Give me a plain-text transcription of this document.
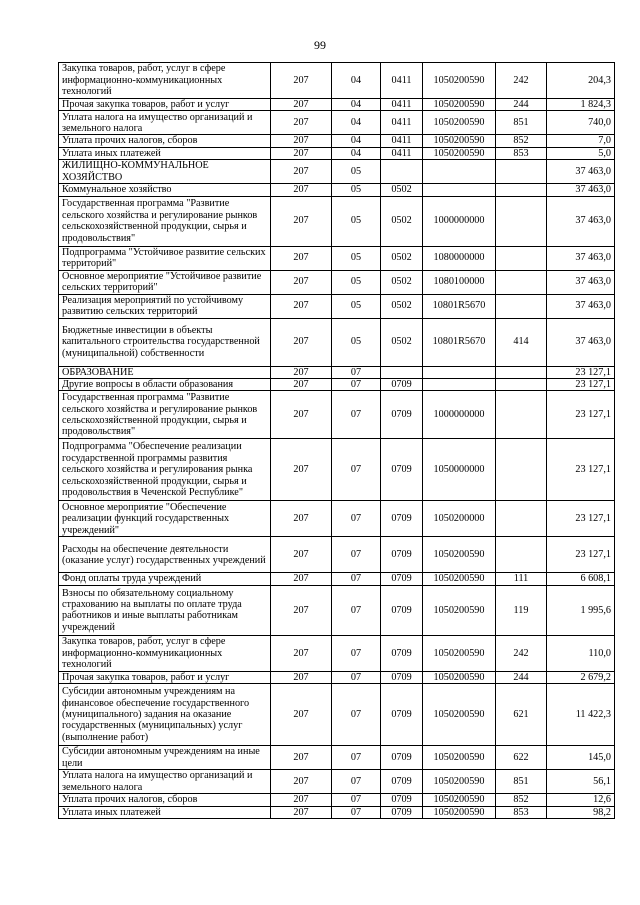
99
Закупка товаров, работ, услуг в сфере информационно-коммуникационных технологий	207	04	0411	1050200590	242	204,3
Прочая закупка товаров, работ и услуг	207	04	0411	1050200590	244	1 824,3
Уплата налога на имущество организаций и земельного налога	207	04	0411	1050200590	851	740,0
Уплата прочих налогов, сборов	207	04	0411	1050200590	852	7,0
Уплата иных платежей	207	04	0411	1050200590	853	5,0
ЖИЛИЩНО-КОММУНАЛЬНОЕ ХОЗЯЙСТВО	207	05				37 463,0
Коммунальное хозяйство	207	05	0502			37 463,0
Государственная программа "Развитие сельского хозяйства и регулирование рынков сельскохозяйственной продукции, сырья и продовольствия"	207	05	0502	1000000000		37 463,0
Подпрограмма "Устойчивое развитие сельских территорий"	207	05	0502	1080000000		37 463,0
Основное мероприятие "Устойчивое развитие сельских территорий"	207	05	0502	1080100000		37 463,0
Реализация мероприятий по устойчивому развитию сельских территорий	207	05	0502	10801R5670		37 463,0
Бюджетные инвестиции в объекты капитального строительства государственной (муниципальной) собственности	207	05	0502	10801R5670	414	37 463,0
ОБРАЗОВАНИЕ	207	07				23 127,1
Другие вопросы в области образования	207	07	0709			23 127,1
Государственная программа "Развитие сельского хозяйства и регулирование рынков сельскохозяйственной продукции, сырья и продовольствия"	207	07	0709	1000000000		23 127,1
Подпрограмма "Обеспечение реализации государственной программы развития сельского хозяйства и регулирования рынка сельскохозяйственной продукции, сырья и продовольствия в Чеченской Республике"	207	07	0709	1050000000		23 127,1
Основное мероприятие "Обеспечение реализации функций государственных учреждений"	207	07	0709	1050200000		23 127,1
Расходы на обеспечение деятельности (оказание услуг) государственных учреждений	207	07	0709	1050200590		23 127,1
Фонд оплаты труда учреждений	207	07	0709	1050200590	111	6 608,1
Взносы по обязательному социальному страхованию на выплаты по оплате труда работников и иные выплаты работникам учреждений	207	07	0709	1050200590	119	1 995,6
Закупка товаров, работ, услуг в сфере информационно-коммуникационных технологий	207	07	0709	1050200590	242	110,0
Прочая закупка товаров, работ и услуг	207	07	0709	1050200590	244	2 679,2
Субсидии автономным учреждениям на финансовое обеспечение государственного (муниципального) задания на оказание государственных (муниципальных) услуг (выполнение работ)	207	07	0709	1050200590	621	11 422,3
Субсидии автономным учреждениям на иные цели	207	07	0709	1050200590	622	145,0
Уплата налога на имущество организаций и земельного налога	207	07	0709	1050200590	851	56,1
Уплата прочих налогов, сборов	207	07	0709	1050200590	852	12,6
Уплата иных платежей	207	07	0709	1050200590	853	98,2
